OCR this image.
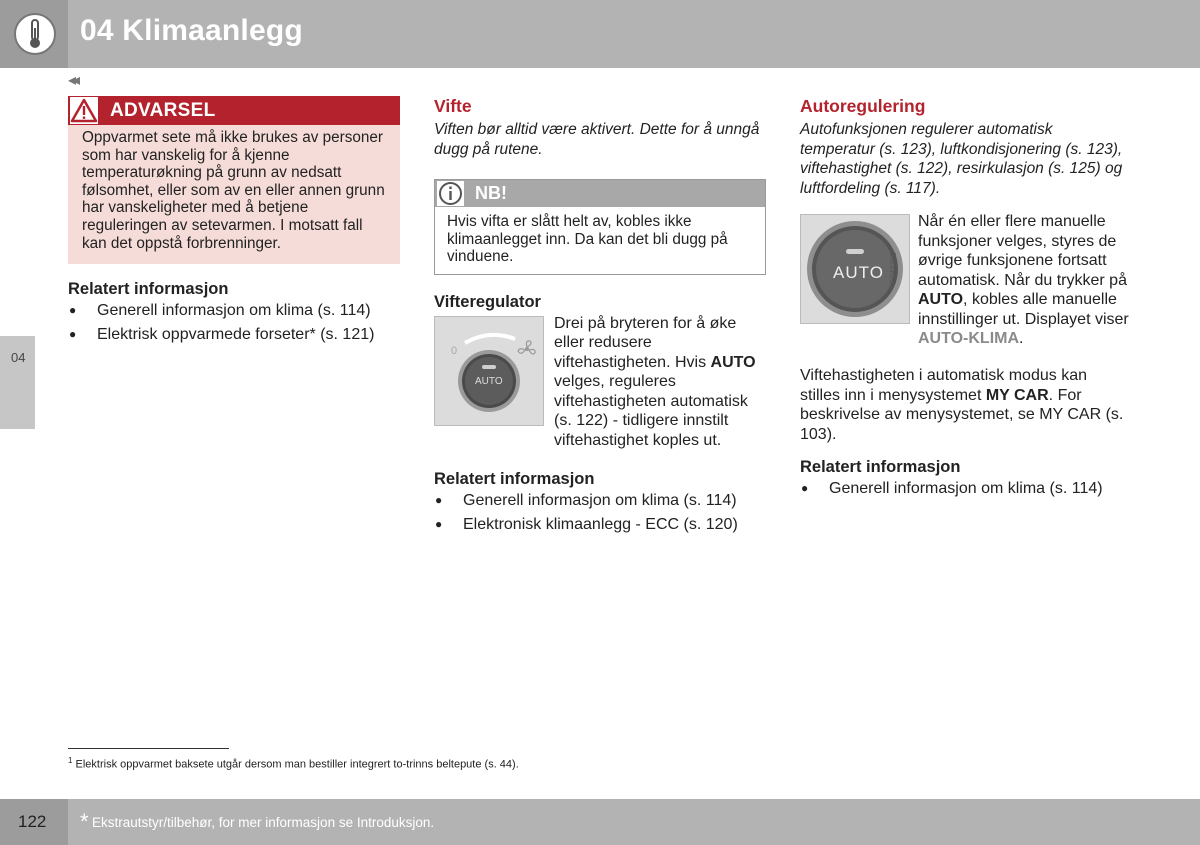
04 Klimaanlegg
◂◂
04
ADVARSEL
Oppvarmet sete må ikke brukes av personer som har vanskelig for å kjenne temperaturøkning på grunn av nedsatt følsomhet, eller som av en eller annen grunn har vanskeligheter med å betjene reguleringen av setevarmen. I motsatt fall kan det oppstå forbrenninger.
Relatert informasjon
● Generell informasjon om klima (s. 114)
● Elektrisk oppvarmede forseter* (s. 121)
Vifte
Viften bør alltid være aktivert. Dette for å unngå dugg på rutene.
NB!
Hvis vifta er slått helt av, kobles ikke klimaanlegget inn. Da kan det bli dugg på vinduene.
Vifteregulator
0
AUTO
Drei på bryteren for å øke eller redusere viftehastigheten. Hvis AUTO velges, reguleres viftehastigheten automatisk (s. 122) - tidligere innstilt viftehastighet koples ut.
Relatert informasjon
● Generell informasjon om klima (s. 114)
● Elektronisk klimaanlegg - ECC (s. 120)
Autoregulering
Autofunksjonen regulerer automatisk temperatur (s. 123), luftkondisjonering (s. 123), viftehastighet (s. 122), resirkulasjon (s. 125) og luftfordeling (s. 117).
AUTO G043760
Når én eller flere manuelle funksjoner velges, styres de øvrige funksjonene fortsatt automatisk. Når du trykker på AUTO, kobles alle manuelle innstillinger ut. Displayet viser AUTO-KLIMA.
Viftehastigheten i automatisk modus kan stilles inn i menysystemet MY CAR. For beskrivelse av menysystemet, se MY CAR (s. 103).
Relatert informasjon
● Generell informasjon om klima (s. 114)
$^1$ Elektrisk oppvarmet baksete utgår dersom man bestiller integrert to-trinns beltepute (s. 44).
122 * Ekstrautstyr/tilbehør, for mer informasjon se Introduksjon.
